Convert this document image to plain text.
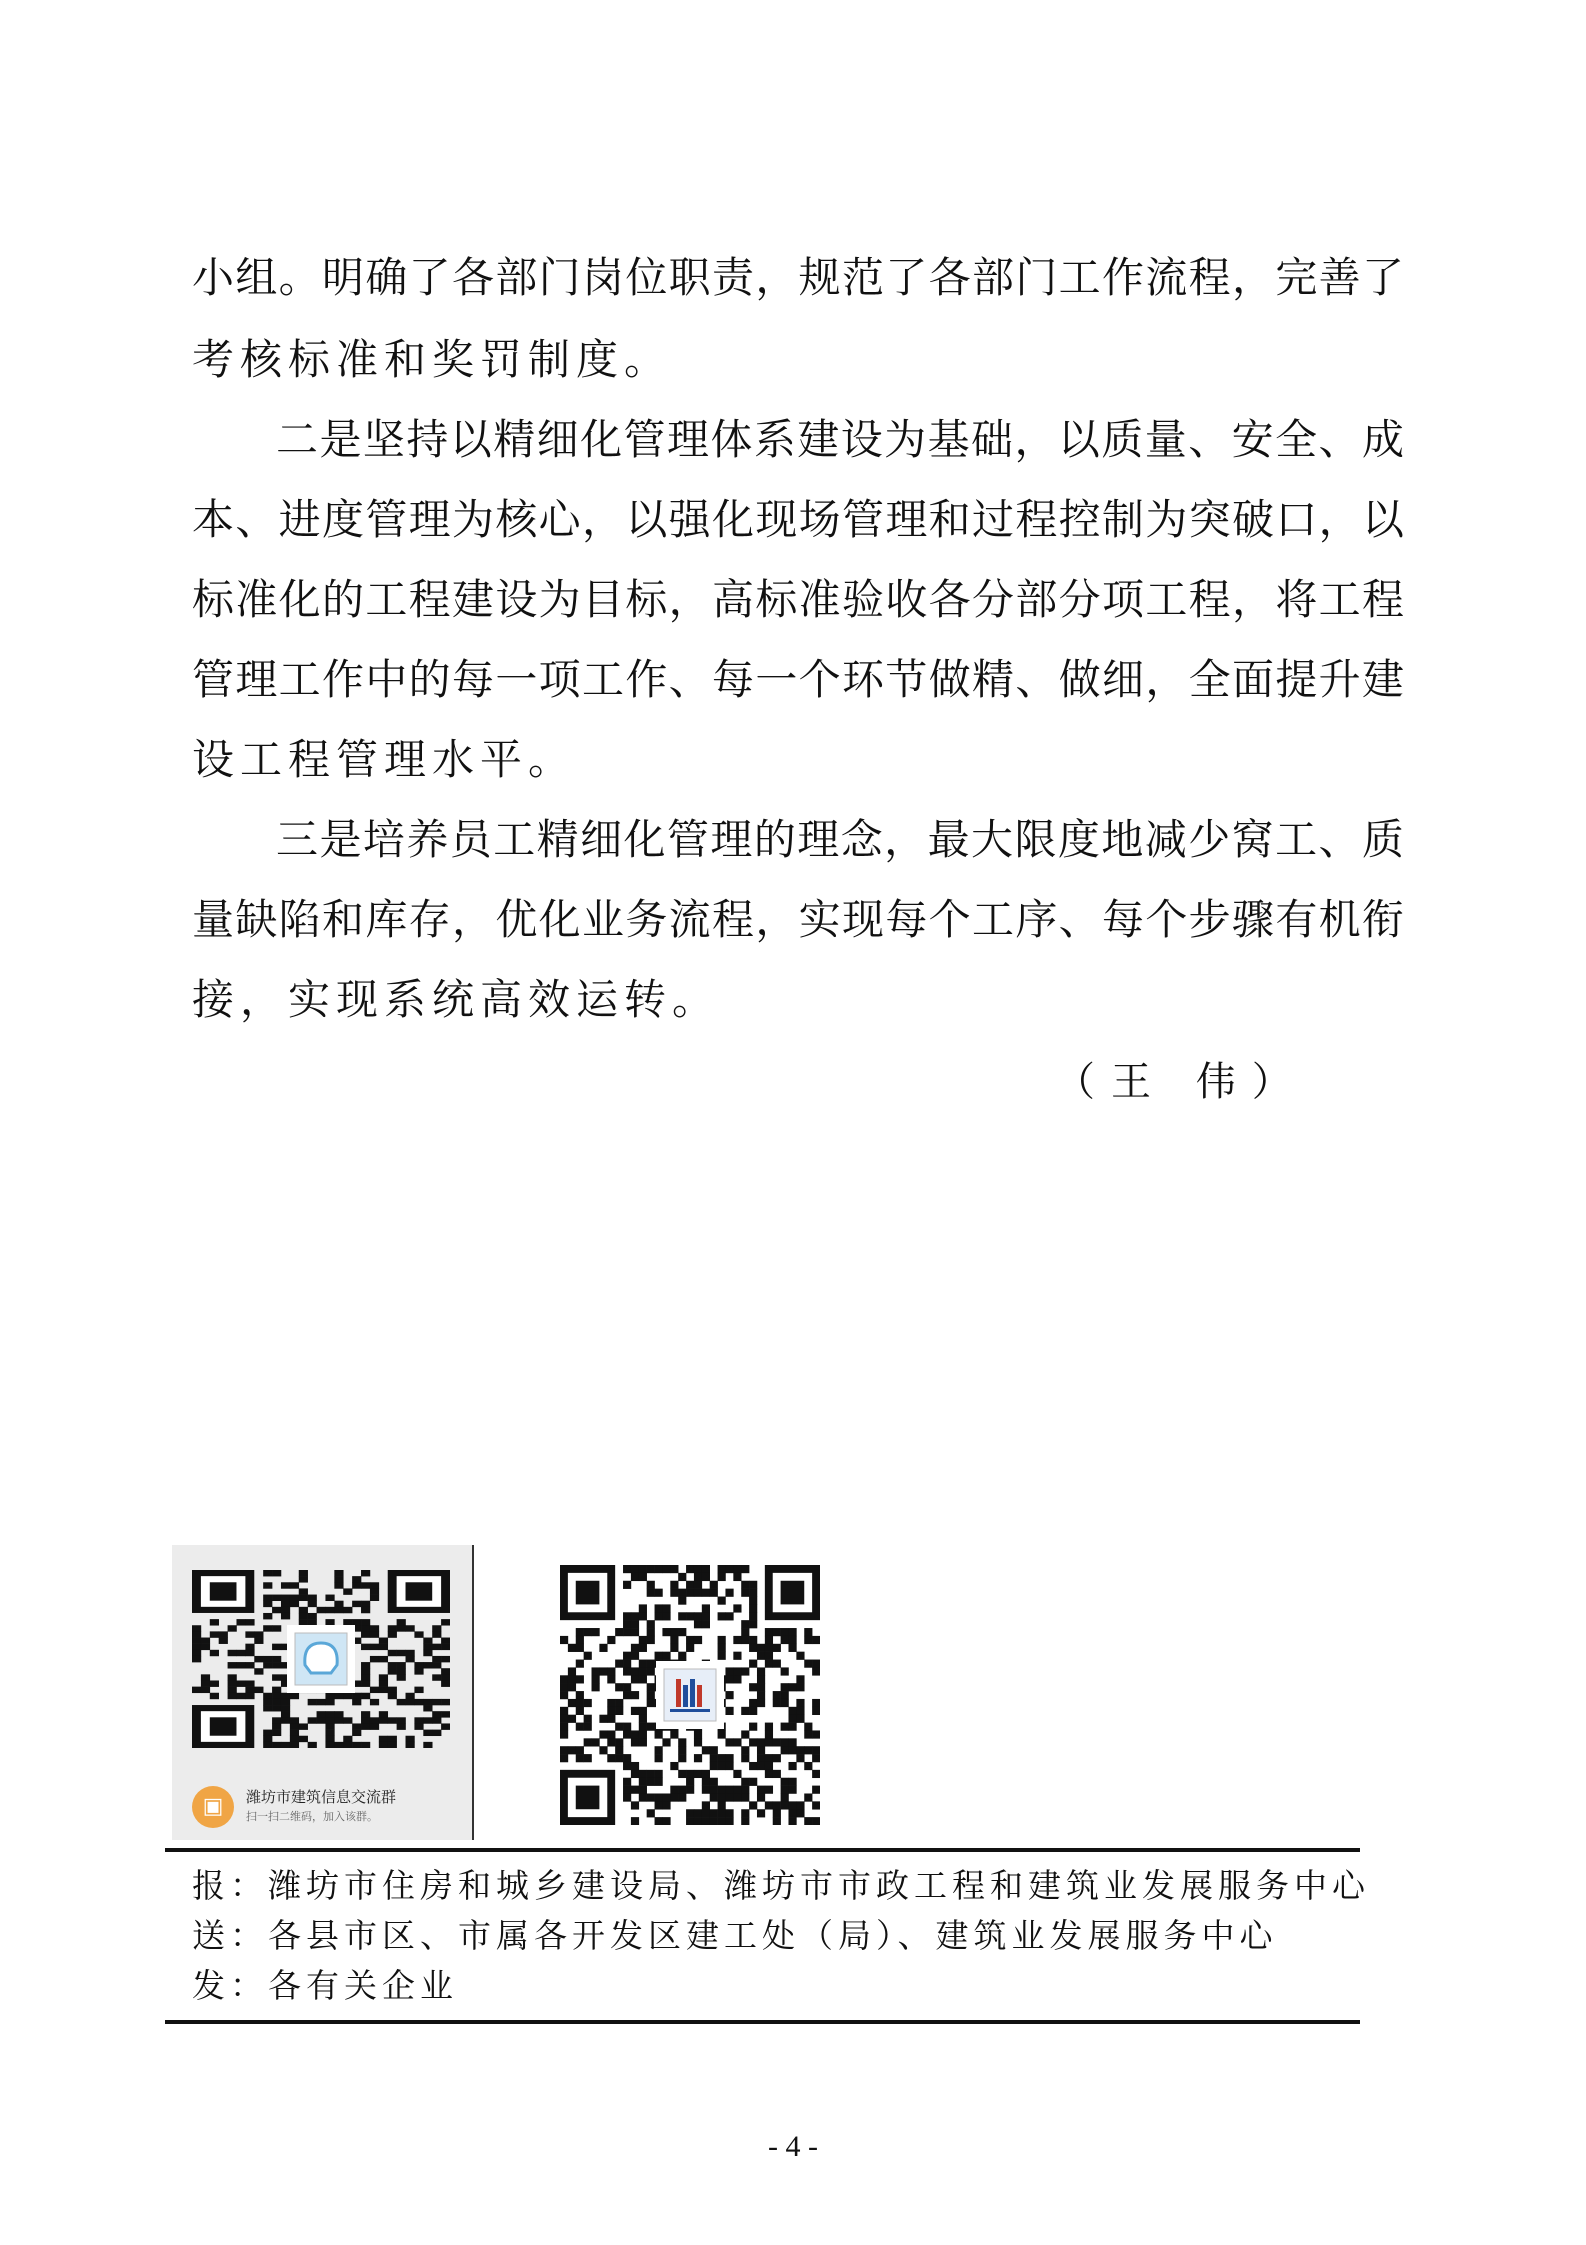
小组。明确了各部门岗位职责，规范了各部门工作流程，完善了
考核标准和奖罚制度。
二是坚持以精细化管理体系建设为基础，以质量、安全、成
本、进度管理为核心，以强化现场管理和过程控制为突破口，以
标准化的工程建设为目标，高标准验收各分部分项工程，将工程
管理工作中的每一项工作、每一个环节做精、做细，全面提升建
设工程管理水平。
三是培养员工精细化管理的理念，最大限度地减少窝工、质
量缺陷和库存，优化业务流程，实现每个工序、每个步骤有机衔
接，实现系统高效运转。
（王 伟）
▣	潍坊市建筑信息交流群
扫一扫二维码，加入该群。
报：潍坊市住房和城乡建设局、潍坊市市政工程和建筑业发展服务中心
送：各县市区、市属各开发区建工处（局）、建筑业发展服务中心
发：各有关企业
- 4 -
